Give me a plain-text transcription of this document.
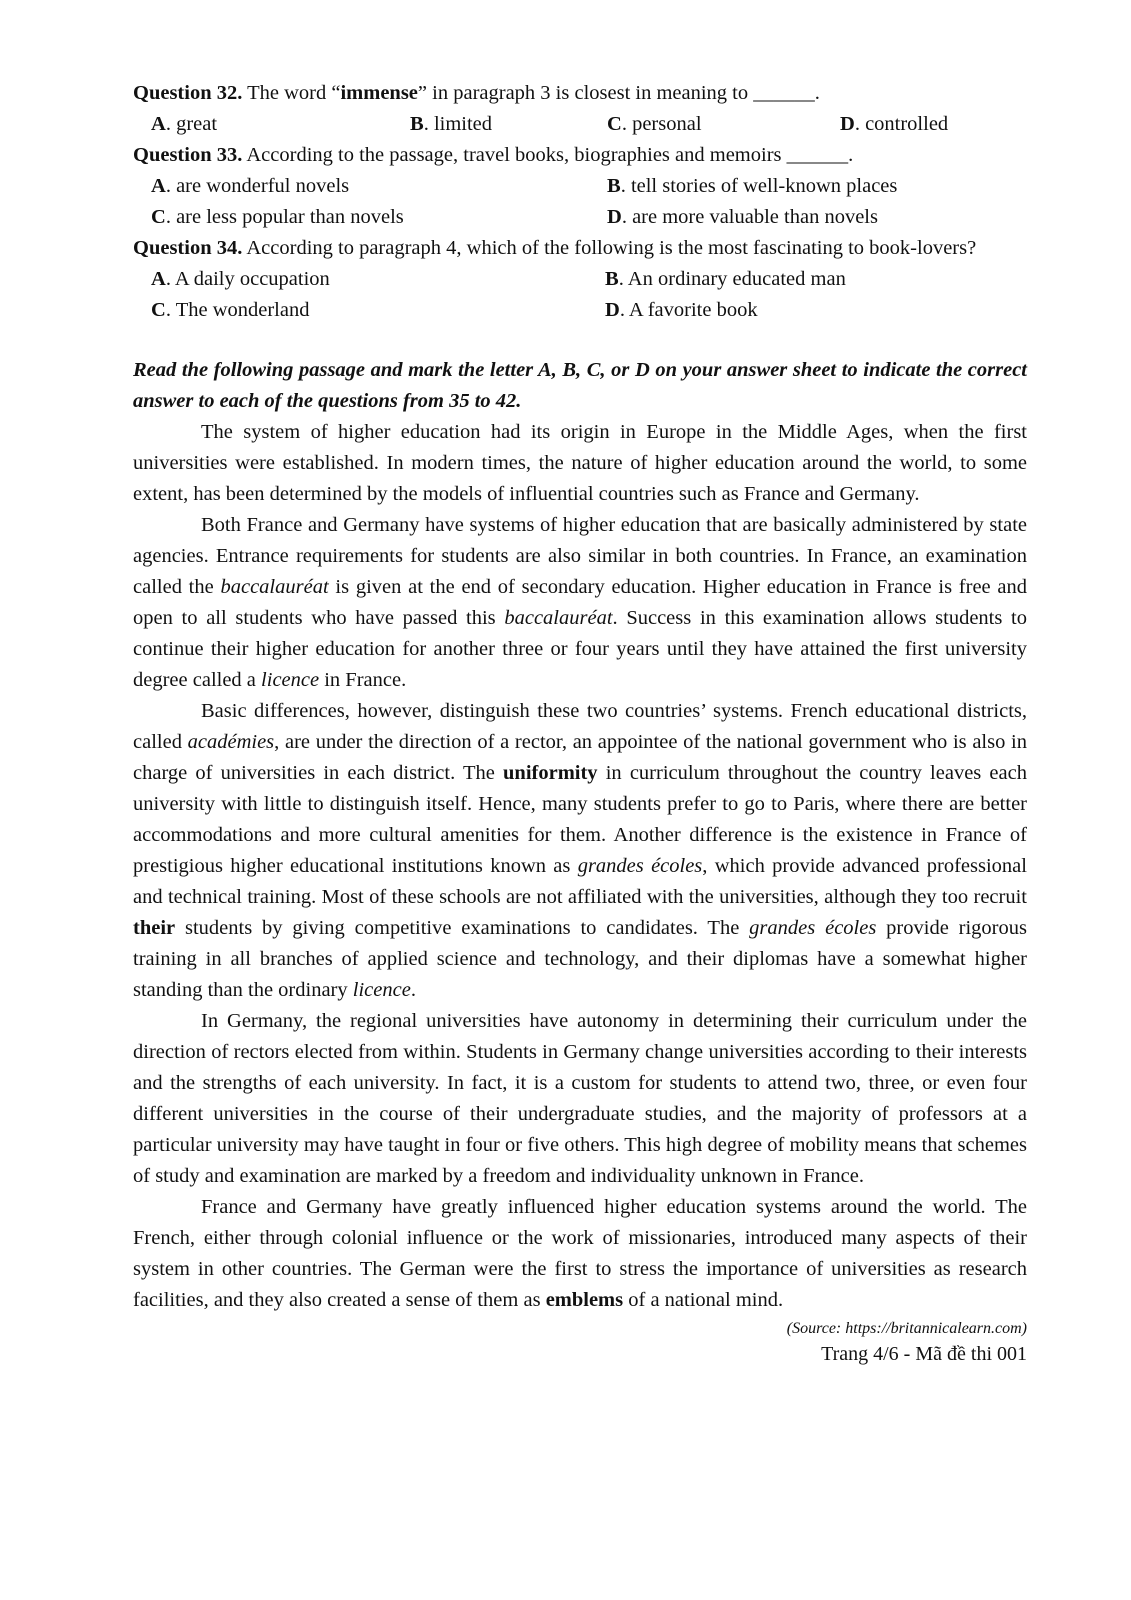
Question 32. The word “immense” in paragraph 3 is closest in meaning to ______.
A. great	B. limited	C. personal	D. controlled
Question 33. According to the passage, travel books, biographies and memoirs ______.
A. are wonderful novels	B. tell stories of well-known places
C. are less popular than novels	D. are more valuable than novels
Question 34. According to paragraph 4, which of the following is the most fascinating to book-lovers?
A. A daily occupation	B. An ordinary educated man
C. The wonderland	D. A favorite book
Read the following passage and mark the letter A, B, C, or D on your answer sheet to indicate the correct answer to each of the questions from 35 to 42.
The system of higher education had its origin in Europe in the Middle Ages, when the first universities were established. In modern times, the nature of higher education around the world, to some extent, has been determined by the models of influential countries such as France and Germany.
Both France and Germany have systems of higher education that are basically administered by state agencies. Entrance requirements for students are also similar in both countries. In France, an examination called the baccalauréat is given at the end of secondary education. Higher education in France is free and open to all students who have passed this baccalauréat. Success in this examination allows students to continue their higher education for another three or four years until they have attained the first university degree called a licence in France.
Basic differences, however, distinguish these two countries’ systems. French educational districts, called académies, are under the direction of a rector, an appointee of the national government who is also in charge of universities in each district. The uniformity in curriculum throughout the country leaves each university with little to distinguish itself. Hence, many students prefer to go to Paris, where there are better accommodations and more cultural amenities for them. Another difference is the existence in France of prestigious higher educational institutions known as grandes écoles, which provide advanced professional and technical training. Most of these schools are not affiliated with the universities, although they too recruit their students by giving competitive examinations to candidates. The grandes écoles provide rigorous training in all branches of applied science and technology, and their diplomas have a somewhat higher standing than the ordinary licence.
In Germany, the regional universities have autonomy in determining their curriculum under the direction of rectors elected from within. Students in Germany change universities according to their interests and the strengths of each university. In fact, it is a custom for students to attend two, three, or even four different universities in the course of their undergraduate studies, and the majority of professors at a particular university may have taught in four or five others. This high degree of mobility means that schemes of study and examination are marked by a freedom and individuality unknown in France.
France and Germany have greatly influenced higher education systems around the world. The French, either through colonial influence or the work of missionaries, introduced many aspects of their system in other countries. The German were the first to stress the importance of universities as research facilities, and they also created a sense of them as emblems of a national mind.
(Source: https://britannicalearn.com)
Trang 4/6 - Mã đề thi 001
